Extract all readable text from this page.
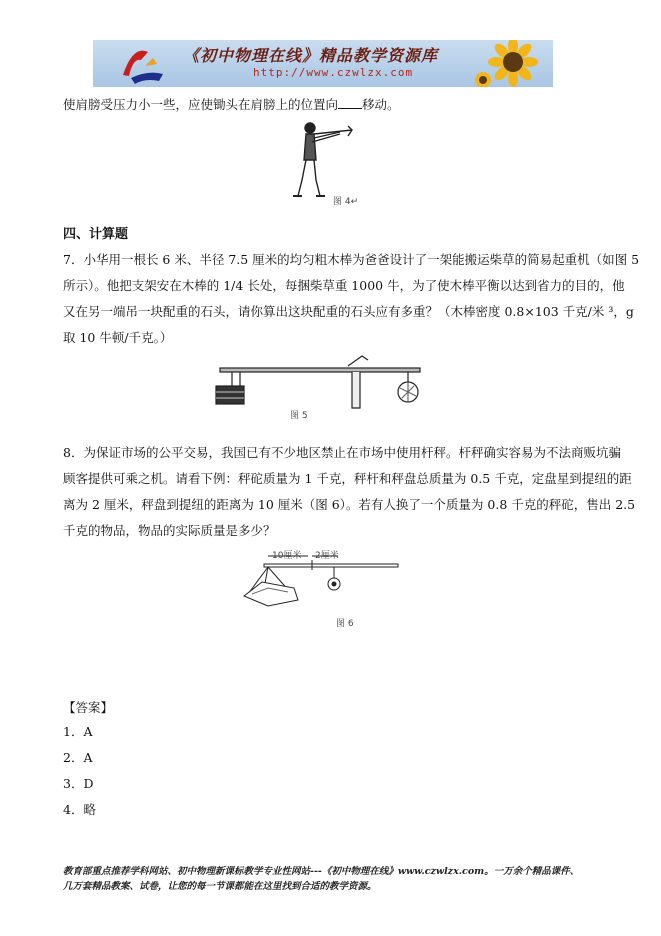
《初中物理在线》精品教学资源库
http://www.czwlzx.com
使肩膀受压力小一些，应使锄头在肩膀上的位置向 移动。
图 4↵
四、计算题
7．小华用一根长 6 米、半径 7.5 厘米的均匀粗木棒为爸爸设计了一架能搬运柴草的简易起重机（如图 5
所示）。他把支架安在木棒的 1/4 长处，每捆柴草重 1000 牛，为了使木棒平衡以达到省力的目的，他
又在另一端吊一块配重的石头，请你算出这块配重的石头应有多重？（木棒密度 0.8×103 千克/米 ³，g
取 10 牛顿/千克。）
图 5
8．为保证市场的公平交易，我国已有不少地区禁止在市场中使用杆秤。杆秤确实容易为不法商贩坑骗
顾客提供可乘之机。请看下例：秤砣质量为 1 千克，秤杆和秤盘总质量为 0.5 千克，定盘星到提纽的距
离为 2 厘米，秤盘到提纽的距离为 10 厘米（图 6）。若有人换了一个质量为 0.8 千克的秤砣，售出 2.5
千克的物品，物品的实际质量是多少？
10厘米 2厘米
图 6
【答案】
1．A
2．A
3．D
4．略
教育部重点推荐学科网站、初中物理新课标教学专业性网站---《初中物理在线》www.czwlzx.com。一万余个精品课件、
几万套精品教案、试卷，让您的每一节课都能在这里找到合适的教学资源。
